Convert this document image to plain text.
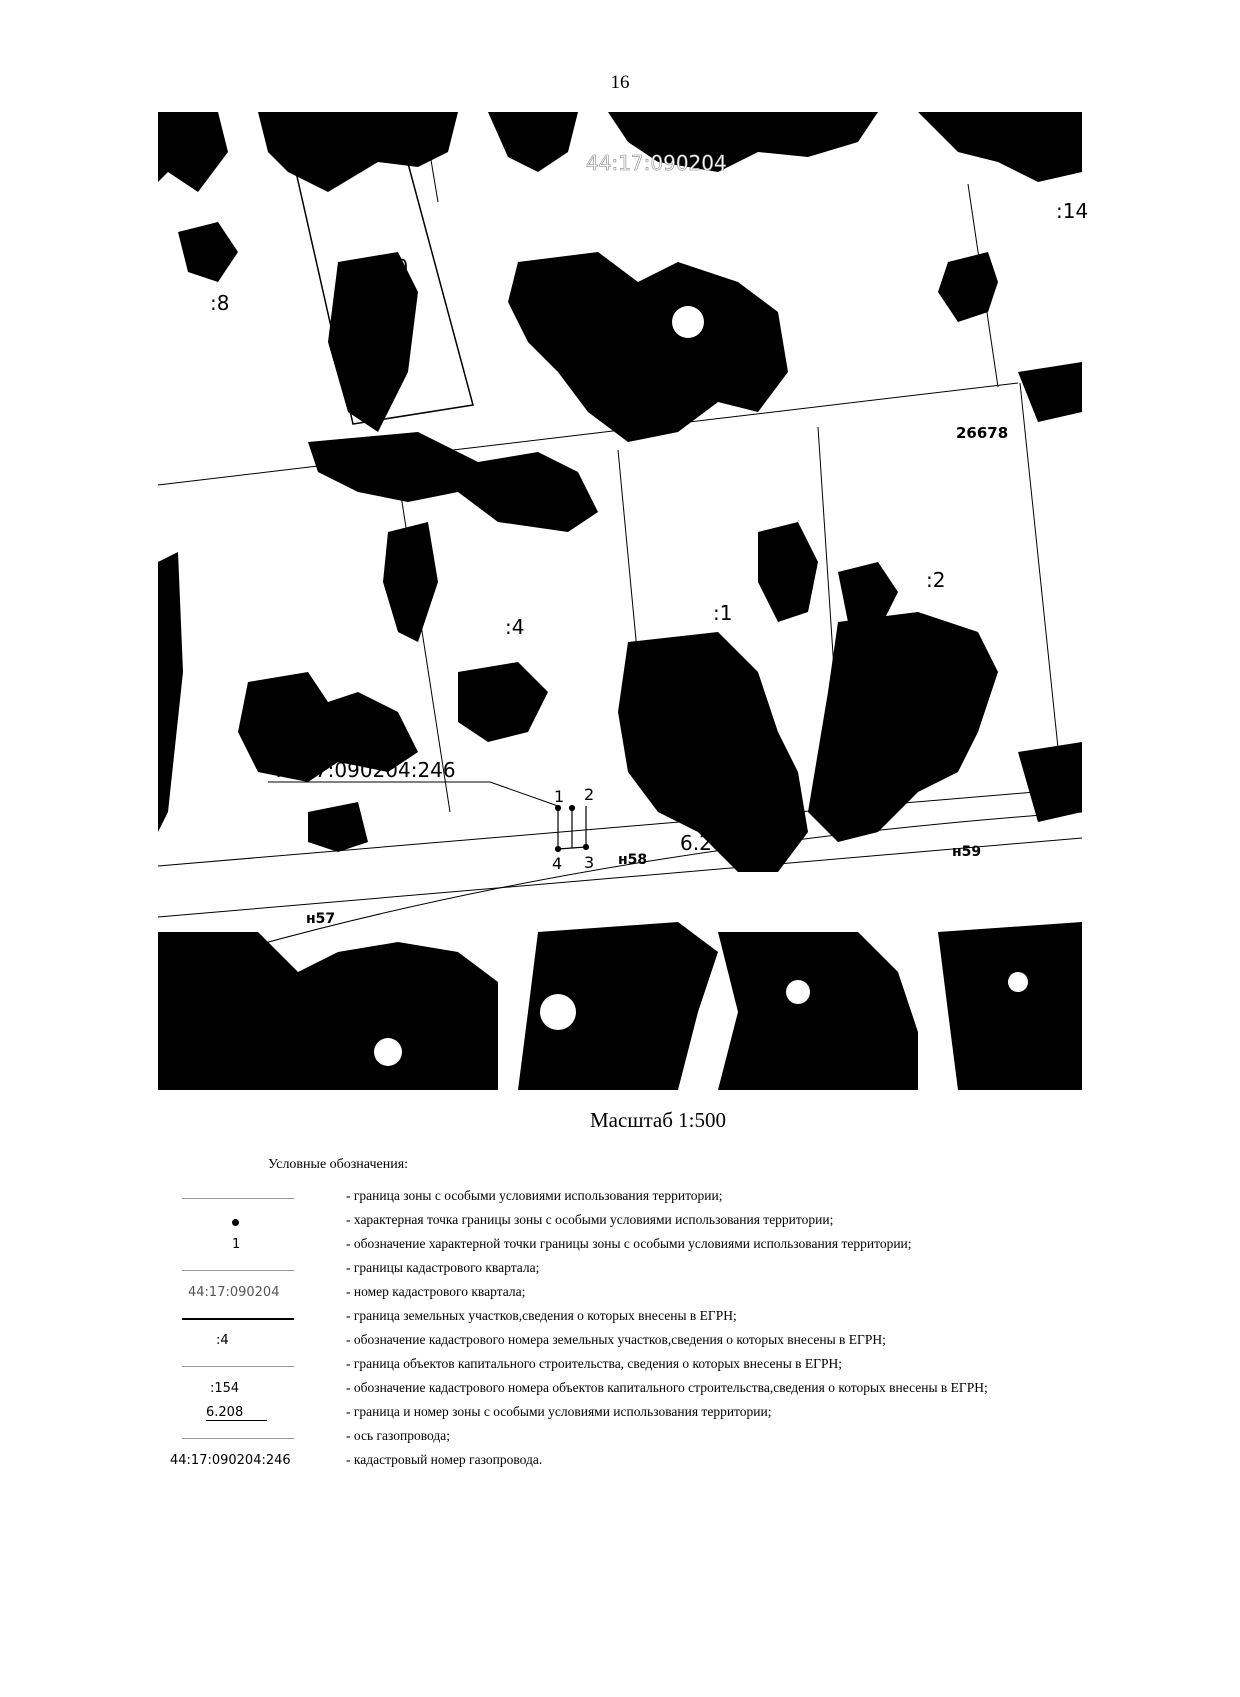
16
44:17:090204
:10
:8
:14
26678
:4
:1
:2
44:17:090204:246
6.208
1 2
4 3
н57
н58	н59
Масштаб 1:500
Условные обозначения:
- граница зоны с особыми условиями использования территории;
- характерная точка границы зоны с особыми условиями использования территории;
1	- обозначение характерной точки границы зоны с особыми условиями использования территории;
- границы кадастрового квартала;
44:17:090204	- номер кадастрового квартала;
- граница земельных участков,сведения о которых внесены в ЕГРН;
:4	- обозначение кадастрового номера земельных участков,сведения о которых внесены в ЕГРН;
- граница объектов капитального строительства, сведения о которых внесены в ЕГРН;
:154	- обозначение кадастрового номера объектов капитального строительства,сведения о которых внесены в ЕГРН;
6.208	- граница и номер зоны с особыми условиями использования территории;
- ось газопровода;
44:17:090204:246	- кадастровый номер газопровода.
